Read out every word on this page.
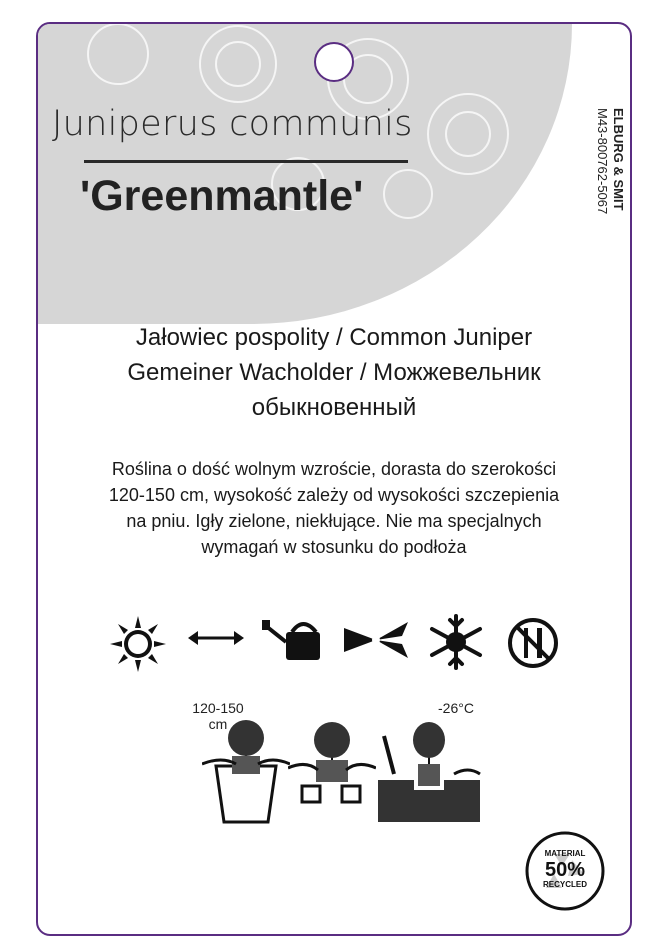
Juniperus communis
'Greenmantle'	ELBURG & SMIT
M43-800762-5067
Jałowiec pospolity / Common Juniper
Gemeiner Wacholder / Можжевельник
обыкновенный
Roślina o dość wolnym wzroście, dorasta do szerokości
120-150 cm, wysokość zależy od wysokości szczepienia
na pniu. Igły zielone, niekłujące. Nie ma specjalnych
wymagań w stosunku do podłoża
120-150
cm
-26°C
MATERIAL
50%
RECYCLED
